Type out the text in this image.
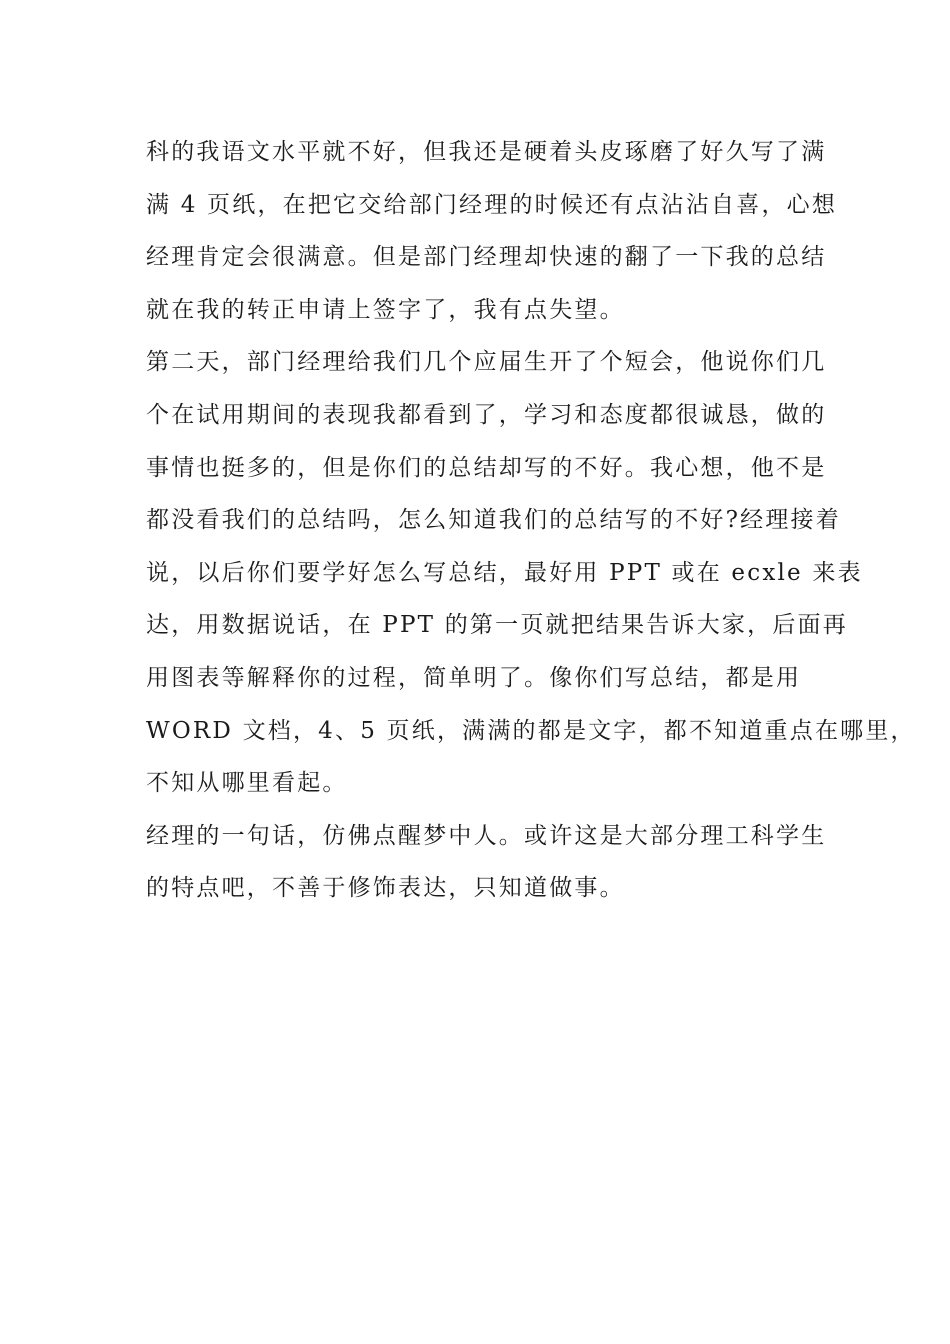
科的我语文水平就不好，但我还是硬着头皮琢磨了好久写了满
满 4 页纸，在把它交给部门经理的时候还有点沾沾自喜，心想
经理肯定会很满意。但是部门经理却快速的翻了一下我的总结
就在我的转正申请上签字了，我有点失望。
第二天，部门经理给我们几个应届生开了个短会，他说你们几
个在试用期间的表现我都看到了，学习和态度都很诚恳，做的
事情也挺多的，但是你们的总结却写的不好。我心想，他不是
都没看我们的总结吗，怎么知道我们的总结写的不好?经理接着
说，以后你们要学好怎么写总结，最好用 PPT 或在 ecxle 来表
达，用数据说话，在 PPT 的第一页就把结果告诉大家，后面再
用图表等解释你的过程，简单明了。像你们写总结，都是用
WORD 文档，4、5 页纸，满满的都是文字，都不知道重点在哪里，
不知从哪里看起。
经理的一句话，仿佛点醒梦中人。或许这是大部分理工科学生
的特点吧，不善于修饰表达，只知道做事。
